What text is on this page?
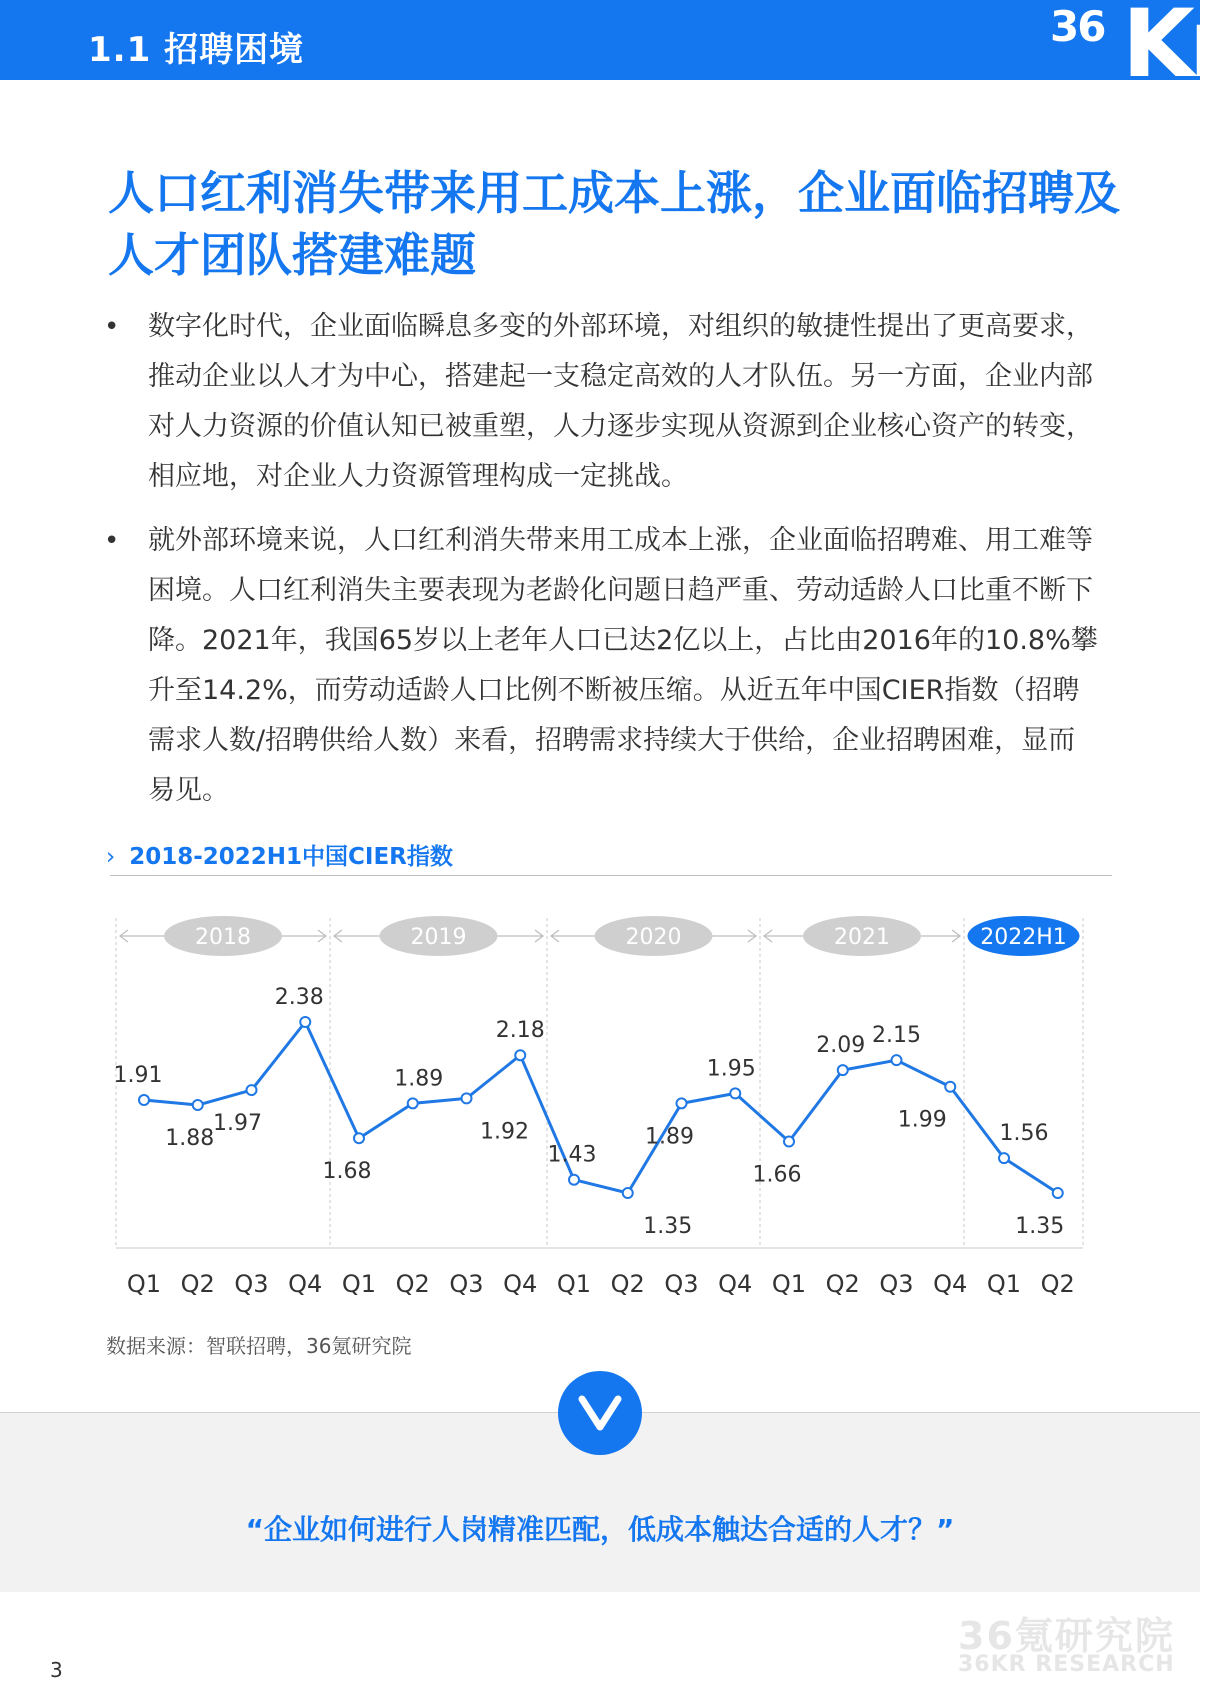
1.1 招聘困境	36 Kr
人口红利消失带来用工成本上涨，企业面临招聘及人才团队搭建难题
• 数字化时代，企业面临瞬息多变的外部环境，对组织的敏捷性提出了更高要求，推动企业以人才为中心，搭建起一支稳定高效的人才队伍。另一方面，企业内部对人力资源的价值认知已被重塑，人力逐步实现从资源到企业核心资产的转变，相应地，对企业人力资源管理构成一定挑战。
• 就外部环境来说，人口红利消失带来用工成本上涨，企业面临招聘难、用工难等困境。人口红利消失主要表现为老龄化问题日趋严重、劳动适龄人口比重不断下降。2021年，我国65岁以上老年人口已达2亿以上，占比由2016年的10.8%攀升至14.2%，而劳动适龄人口比例不断被压缩。从近五年中国CIER指数（招聘需求人数/招聘供给人数）来看，招聘需求持续大于供给，企业招聘困难，显而易见。
› 2018-2022H1中国CIER指数
2018	2019	2020	2021	2022H1
1.91
1.88
1.97
2.38
1.68
1.89
1.92
2.18
1.43
1.35
1.89
1.95
1.66
2.09 2.15
1.99
1.56
1.35
Q1 Q2 Q3 Q4 Q1 Q2 Q3 Q4 Q1 Q2 Q3 Q4 Q1 Q2 Q3 Q4 Q1 Q2
数据来源：智联招聘，36氪研究院
“企业如何进行人岗精准匹配，低成本触达合适的人才？”
36氪研究院
36KR RESEARCH
3
